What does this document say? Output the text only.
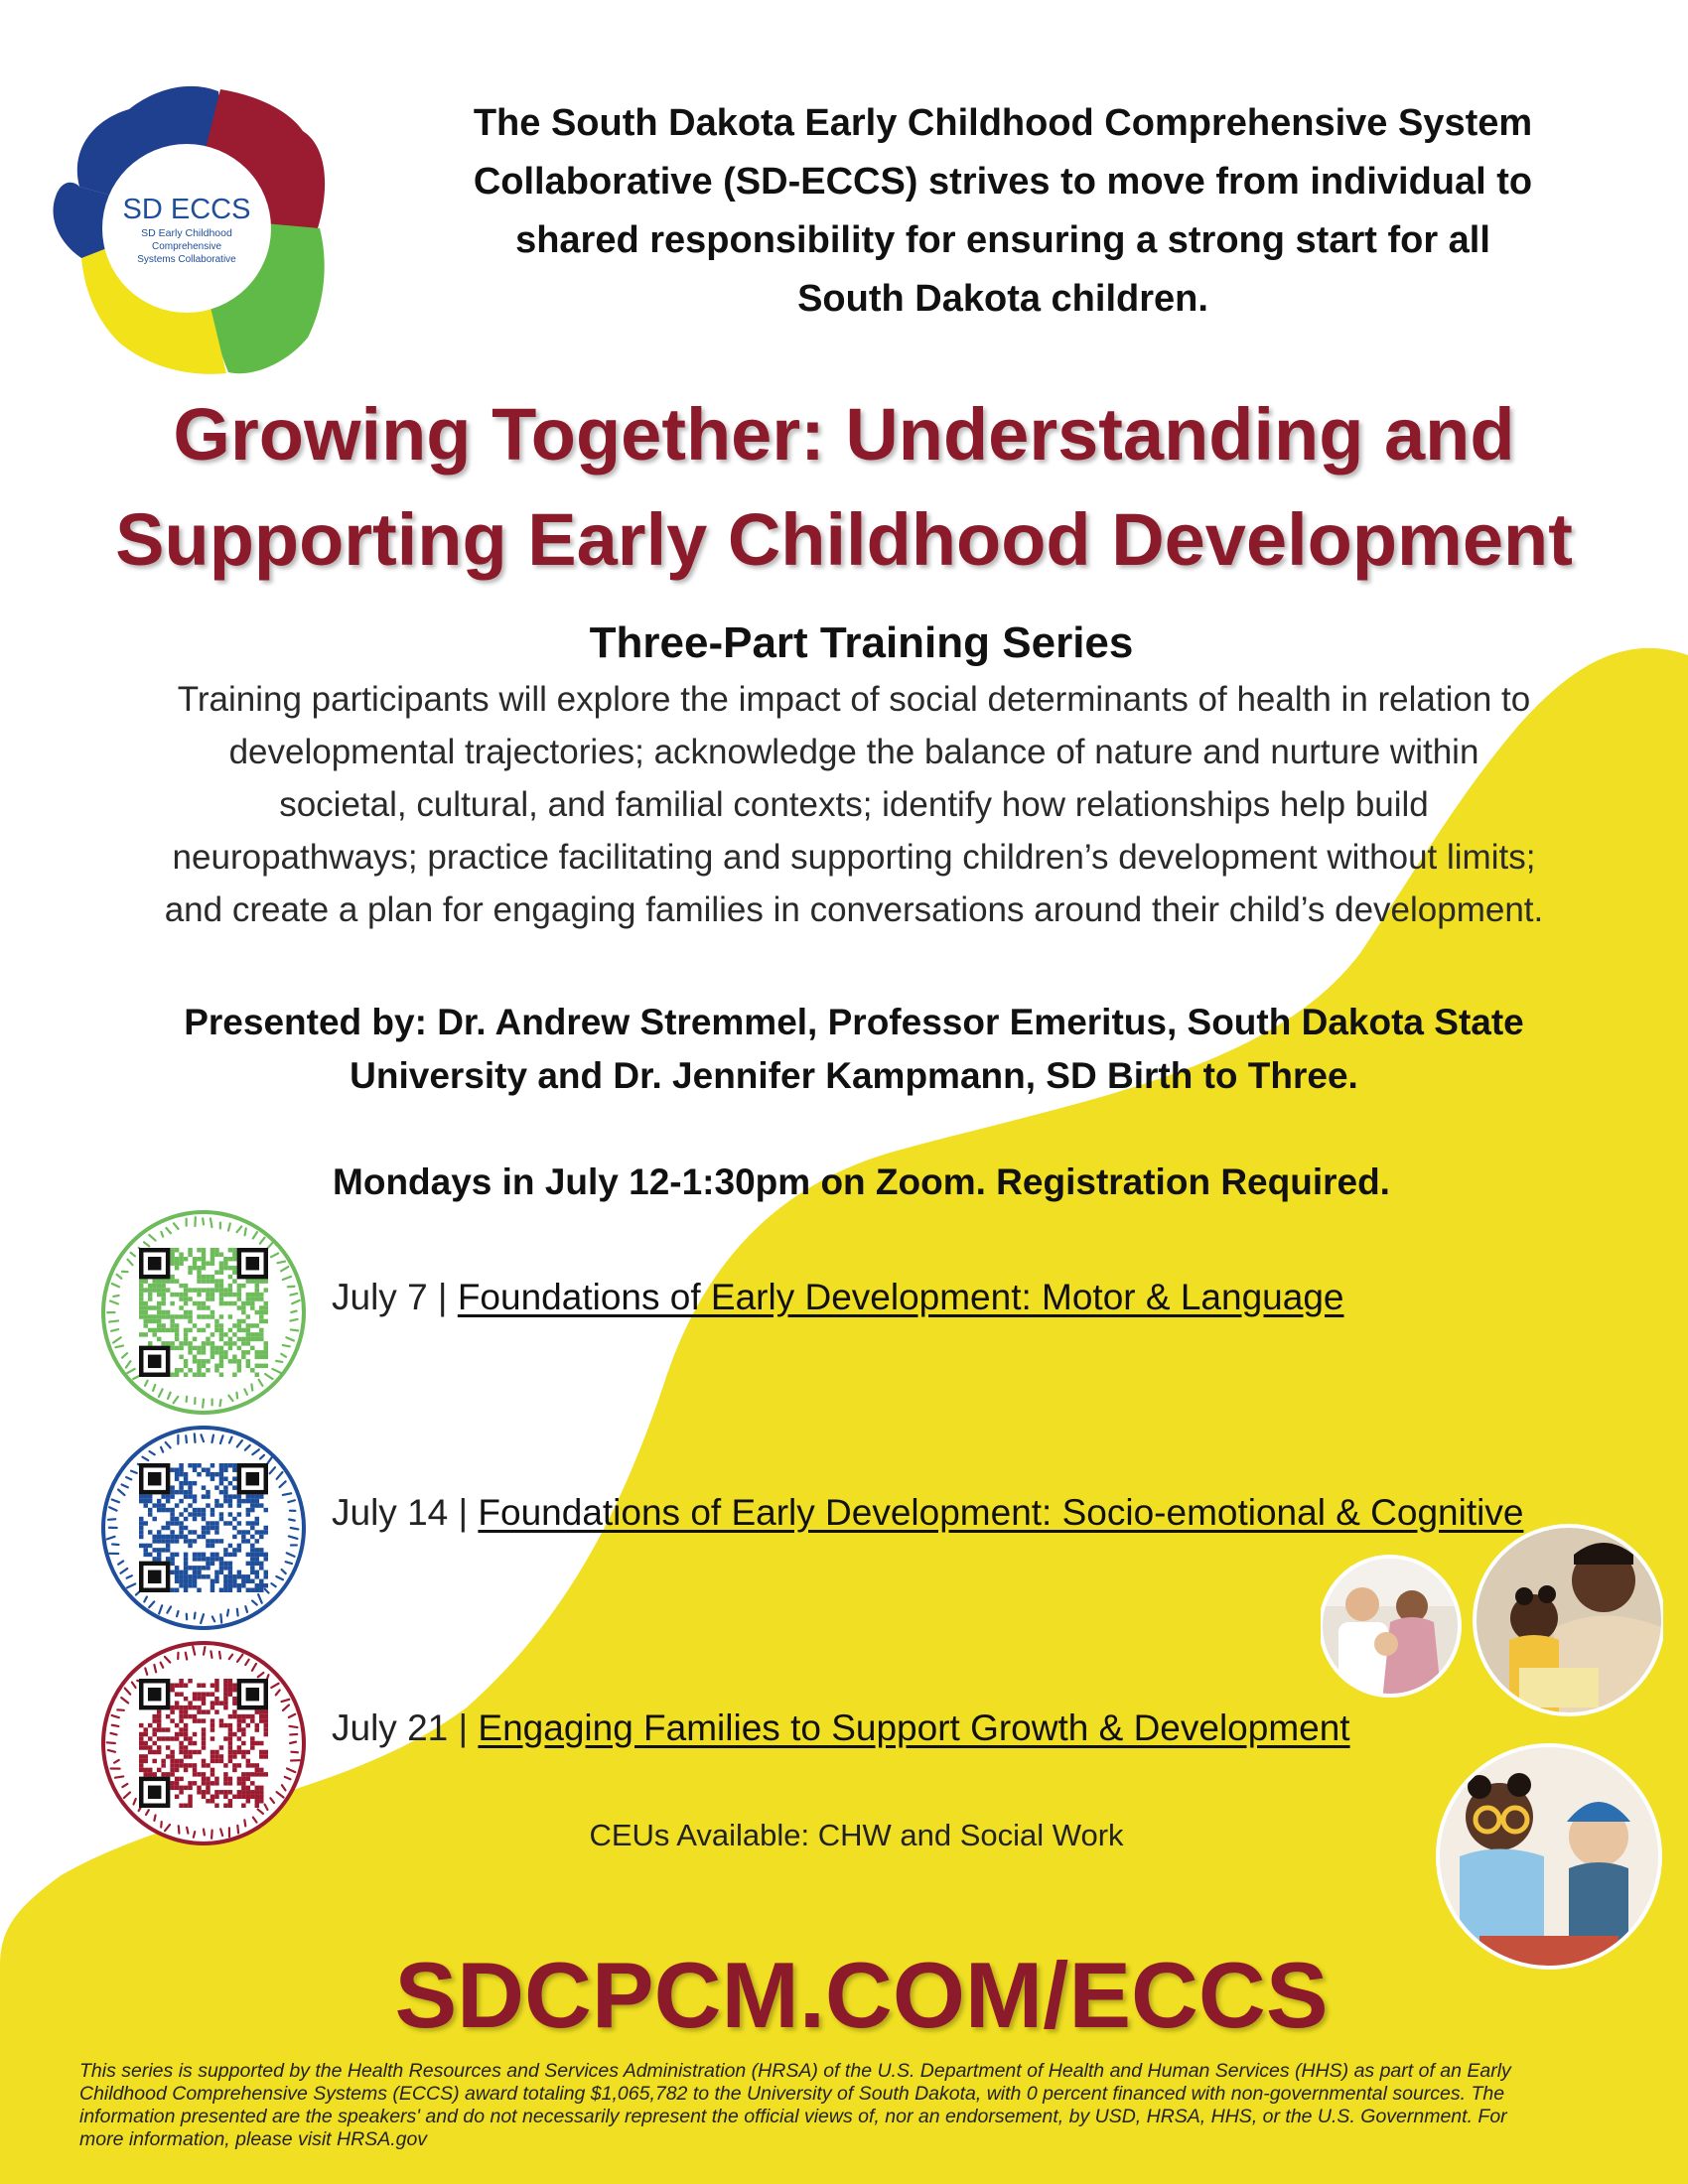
SD ECCS
SD Early Childhood
Comprehensive
Systems Collaborative
The South Dakota Early Childhood Comprehensive System
Collaborative (SD-ECCS) strives to move from individual to
shared responsibility for ensuring a strong start for all
South Dakota children.
Growing Together: Understanding and
Supporting Early Childhood Development
Three-Part Training Series
Training participants will explore the impact of social determinants of health in relation to
developmental trajectories; acknowledge the balance of nature and nurture within
societal, cultural, and familial contexts; identify how relationships help build
neuropathways; practice facilitating and supporting children’s development without limits;
and create a plan for engaging families in conversations around their child’s development.
Presented by: Dr. Andrew Stremmel, Professor Emeritus, South Dakota State
University and Dr. Jennifer Kampmann, SD Birth to Three.
Mondays in July 12-1:30pm on Zoom. Registration Required.
July 7 | Foundations of Early Development: Motor & Language
July 14 | Foundations of Early Development: Socio-emotional & Cognitive
July 21 | Engaging Families to Support Growth & Development
CEUs Available: CHW and Social Work
SDCPCM.COM/ECCS
This series is supported by the Health Resources and Services Administration (HRSA) of the U.S. Department of Health and Human Services (HHS) as part of an Early
Childhood Comprehensive Systems (ECCS) award totaling $1,065,782 to the University of South Dakota, with 0 percent financed with non-governmental sources. The
information presented are the speakers' and do not necessarily represent the official views of, nor an endorsement, by USD, HRSA, HHS, or the U.S. Government. For
more information, please visit HRSA.gov
